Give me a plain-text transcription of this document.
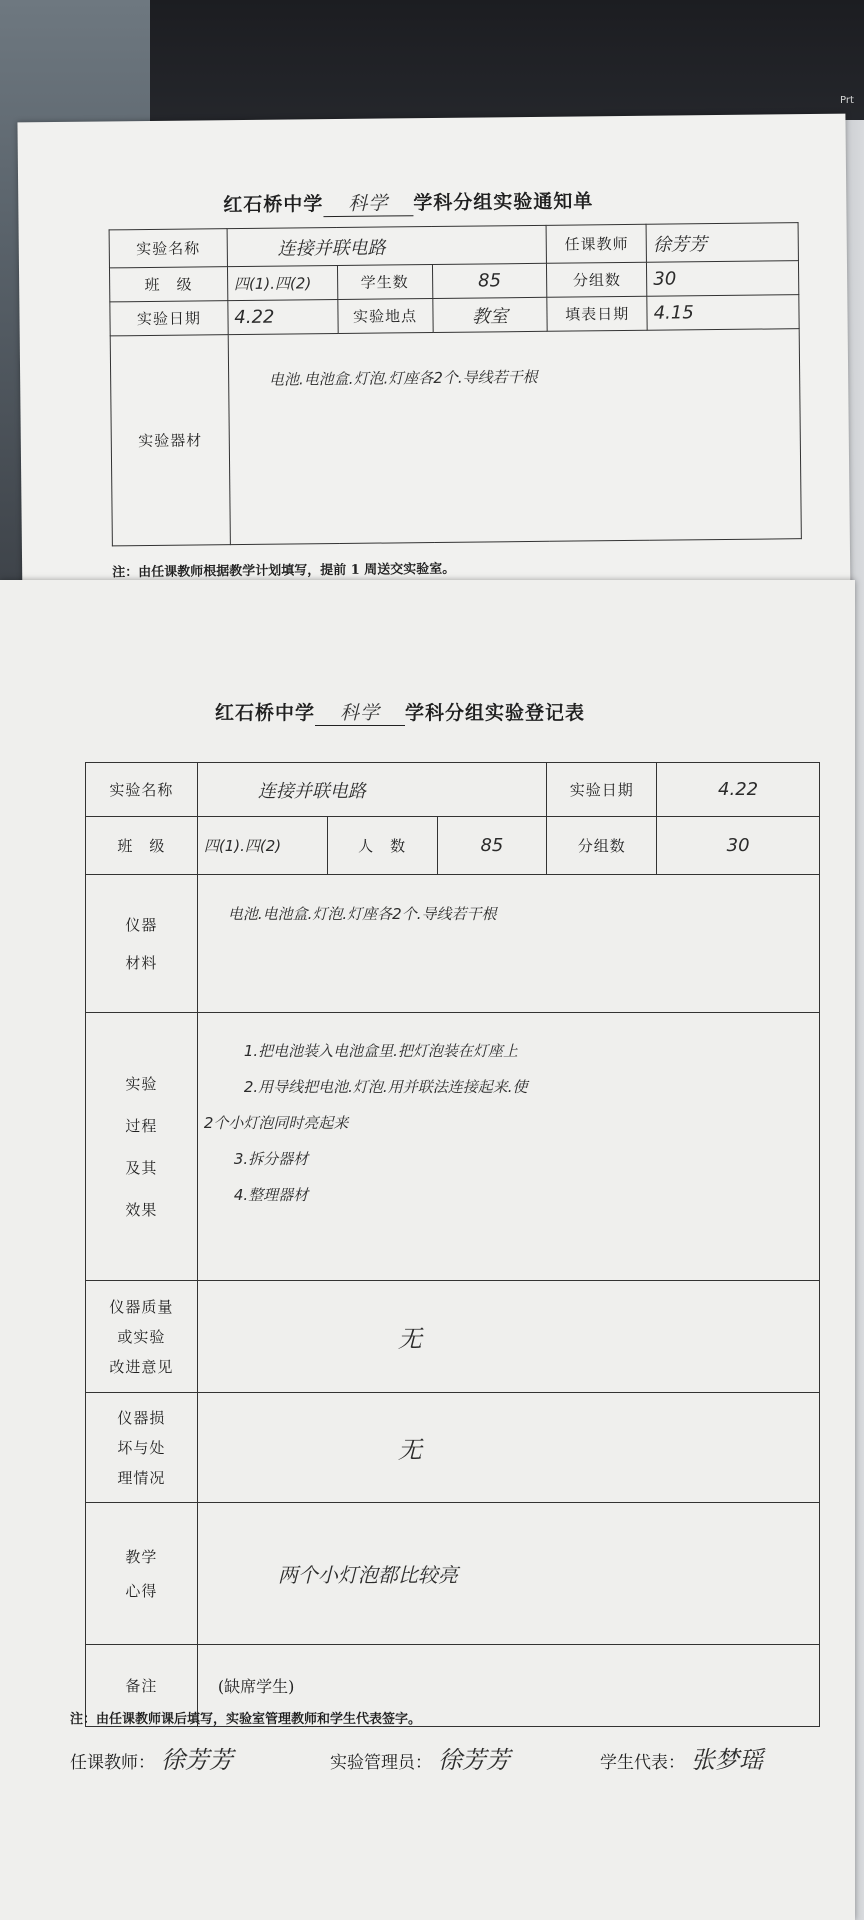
Prt
红石桥中学 科学 学科分组实验通知单
实验名称	连接并联电路			任课教师	徐芳芳
班　级	四(1).四(2)	学生数	85	分组数	30
实验日期	4.22	实验地点	教室	填表日期	4.15
实验器材	电池.电池盒.灯泡.灯座各2个.导线若干根				
注：由任课教师根据教学计划填写，提前 1 周送交实验室。
红石桥中学 科学 学科分组实验登记表
实验名称	连接并联电路			实验日期	4.22
班　级	四(1).四(2)	人　数	85	分组数	30
仪器
材料	电池.电池盒.灯泡.灯座各2个.导线若干根				
实验
过程
及其
效果	1.把电池装入电池盒里.把灯泡装在灯座上
2.用导线把电池.灯泡.用并联法连接起来.使
2个小灯泡同时亮起来
3.拆分器材
4.整理器材				

仪器质量
或实验
改进意见	无				
仪器损
坏与处
理情况	无				
教学
心得	两个小灯泡都比较亮				
备注	(缺席学生)				
注：由任课教师课后填写，实验室管理教师和学生代表签字。
任课教师： 徐芳芳	实验管理员： 徐芳芳	学生代表： 张梦瑶
